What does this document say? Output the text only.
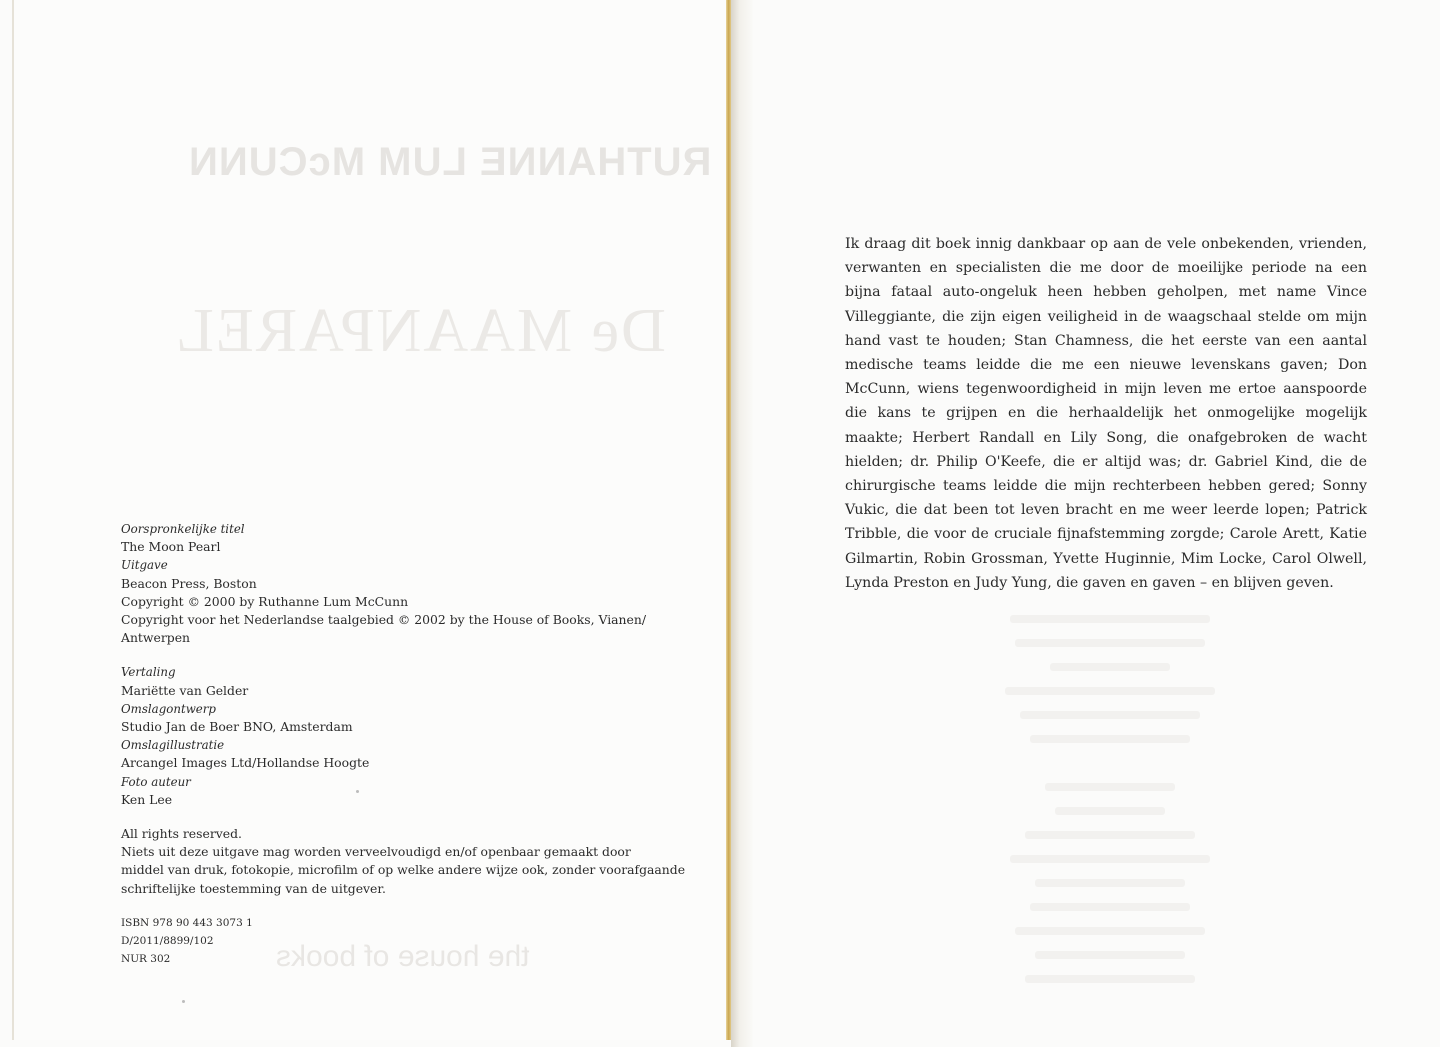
RUTHANNE LUM McCUNN
De MAANPAREL
the house of books
Oorspronkelijke titel
The Moon Pearl
Uitgave
Beacon Press, Boston
Copyright © 2000 by Ruthanne Lum McCunn
Copyright voor het Nederlandse taalgebied © 2002 by the House of Books, Vianen/
Antwerpen
Vertaling
Mariëtte van Gelder
Omslagontwerp
Studio Jan de Boer BNO, Amsterdam
Omslagillustratie
Arcangel Images Ltd/Hollandse Hoogte
Foto auteur
Ken Lee
All rights reserved.
Niets uit deze uitgave mag worden verveelvoudigd en/of openbaar gemaakt door
middel van druk, fotokopie, microfilm of op welke andere wijze ook, zonder voorafgaande
schriftelijke toestemming van de uitgever.
ISBN 978 90 443 3073 1
D/2011/8899/102
NUR 302
Ik draag dit boek innig dankbaar op aan de vele onbekenden, vrienden, verwanten en specialisten die me door de moeilijke periode na een bijna fataal auto-ongeluk heen hebben geholpen, met name Vince Villeggiante, die zijn eigen veiligheid in de waagschaal stelde om mijn hand vast te houden; Stan Chamness, die het eerste van een aantal medische teams leidde die me een nieuwe levenskans gaven; Don McCunn, wiens tegenwoordigheid in mijn leven me ertoe aanspoorde die kans te grijpen en die herhaaldelijk het onmogelijke mogelijk maakte; Herbert Randall en Lily Song, die onafgebroken de wacht hielden; dr. Philip O'Keefe, die er altijd was; dr. Gabriel Kind, die de chirurgische teams leidde die mijn rechterbeen hebben gered; Sonny Vukic, die dat been tot leven bracht en me weer leerde lopen; Patrick Tribble, die voor de cruciale fijnafstemming zorgde; Carole Arett, Katie Gilmartin, Robin Grossman, Yvette Huginnie, Mim Locke, Carol Olwell, Lynda Preston en Judy Yung, die gaven en gaven – en blijven geven.
